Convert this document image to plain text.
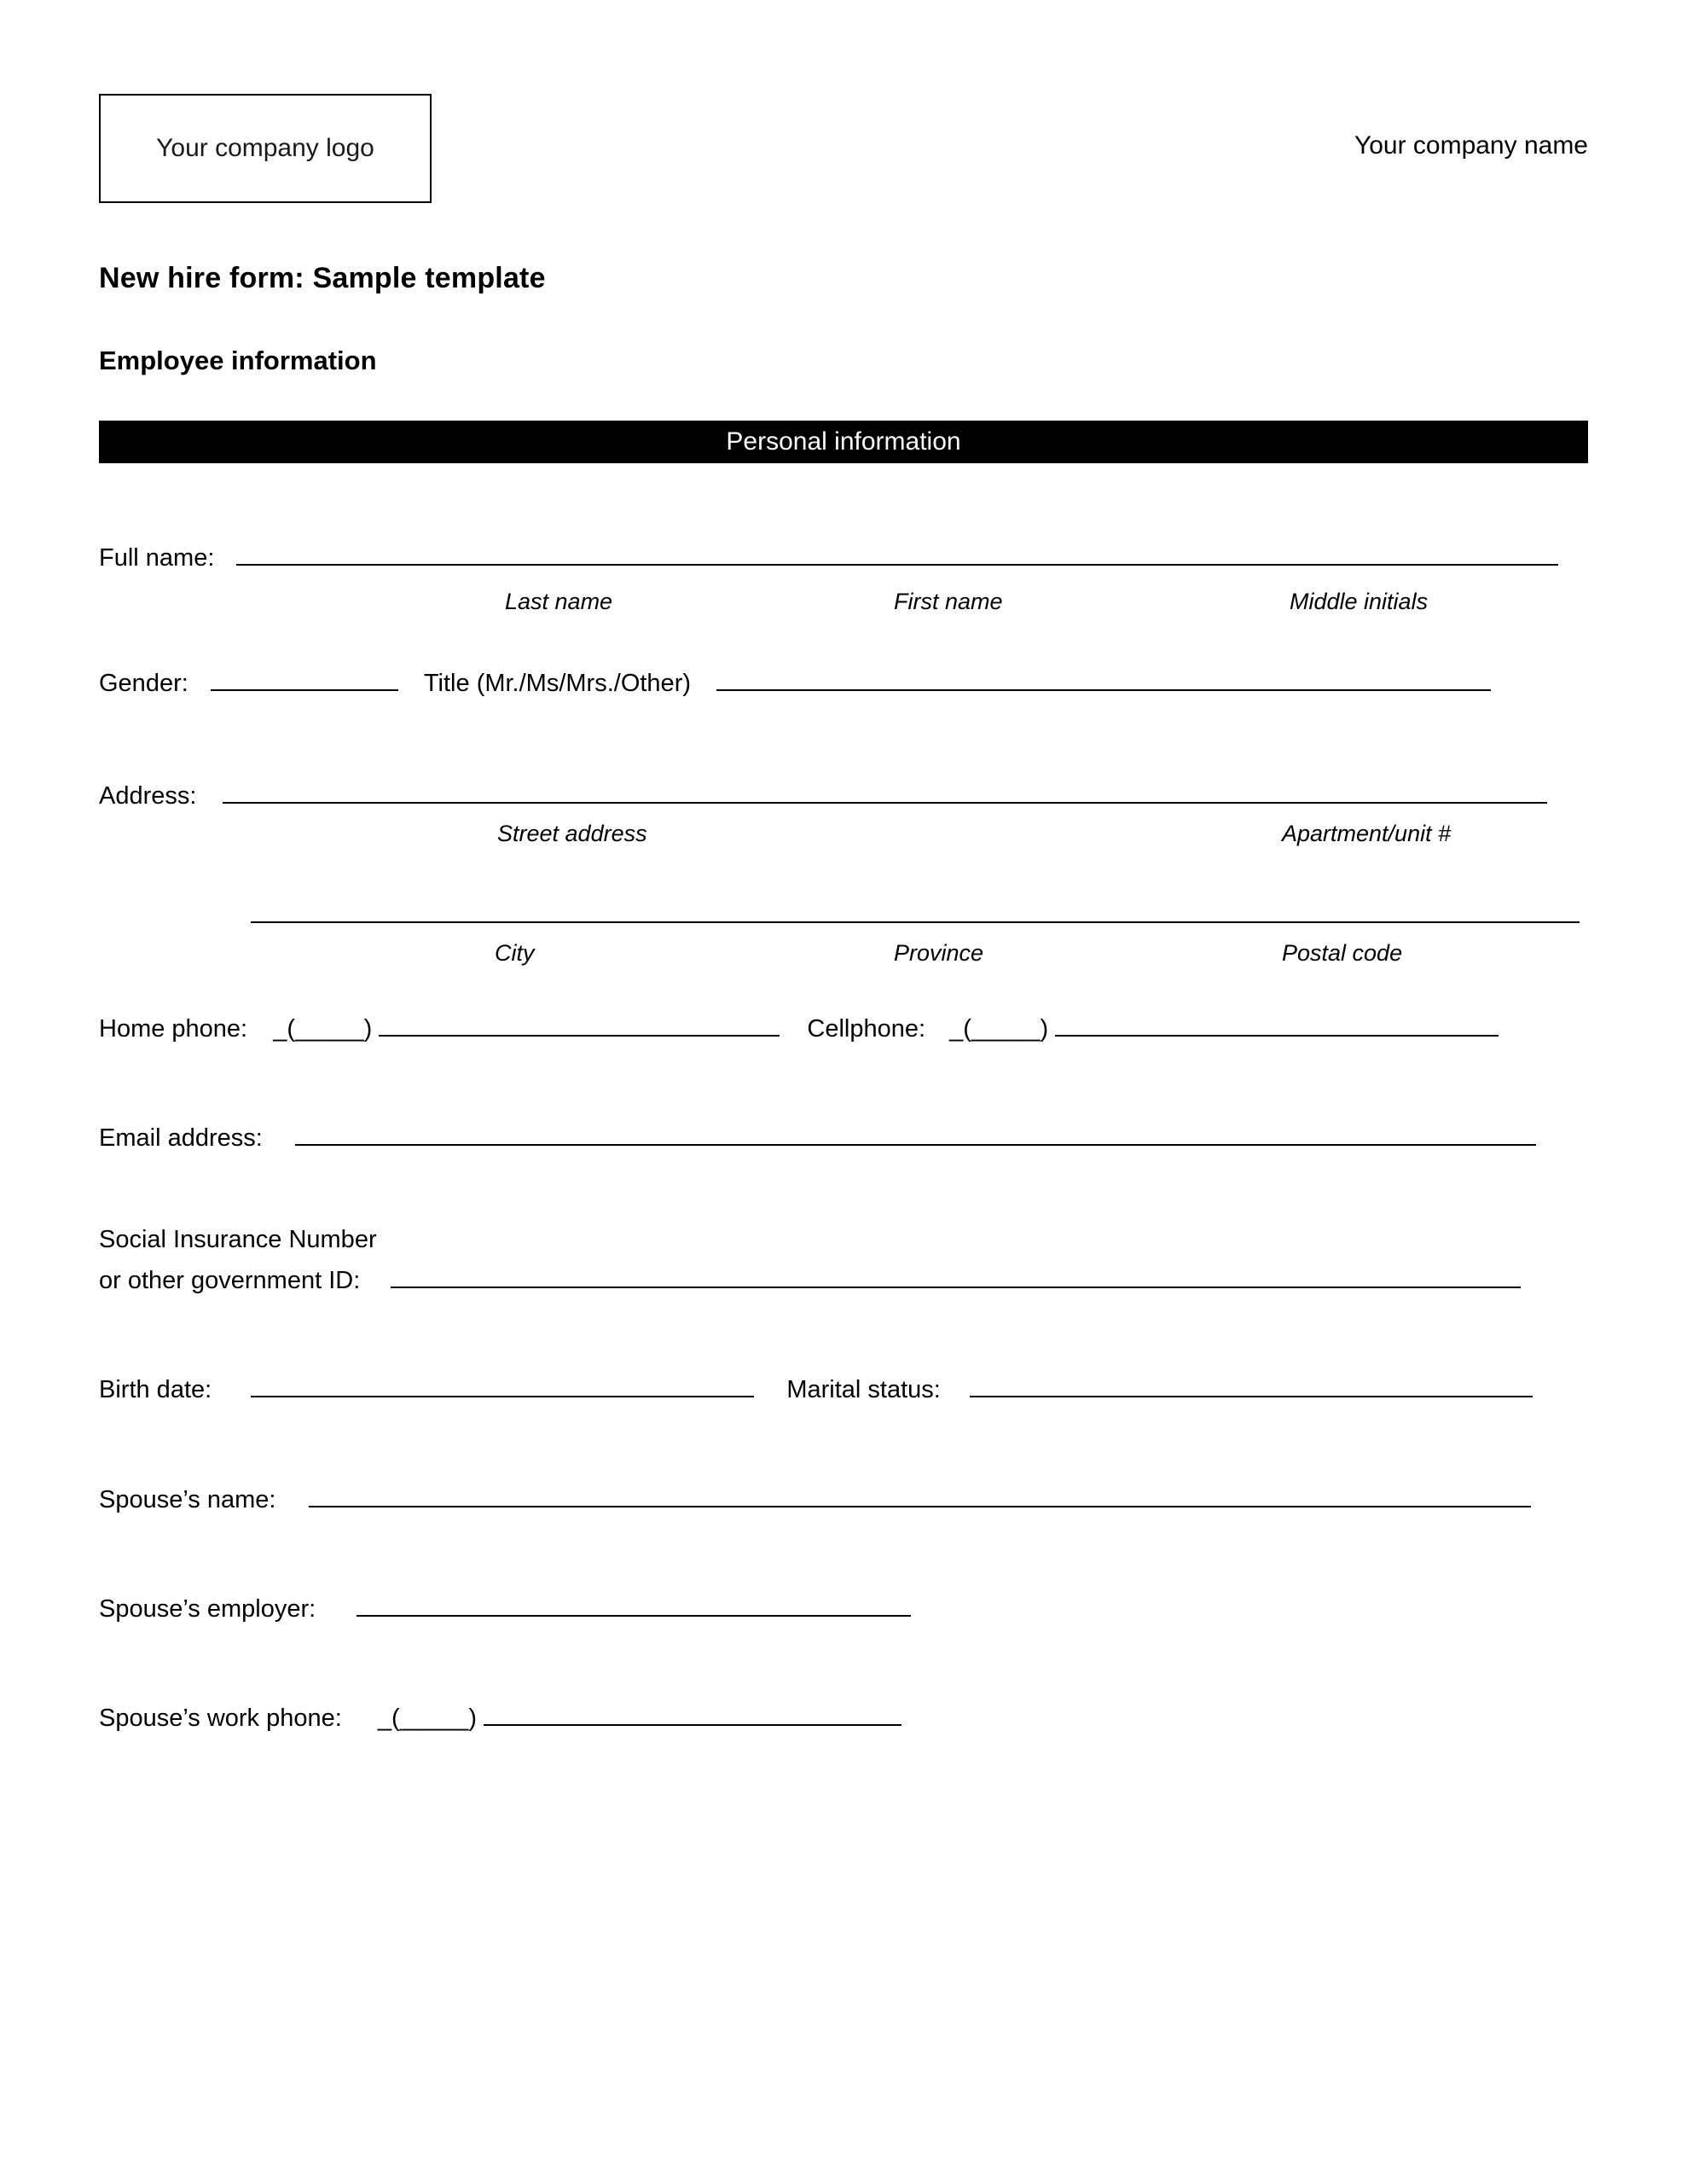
Your company logo	Your company name
New hire form: Sample template
Employee information
Personal information
Full name:
Last name	First name	Middle initials
Gender:	Title (Mr./Ms/Mrs./Other)
Address:
Street address	Apartment/unit #
City	Province	Postal code
Home phone: _(_____)	Cellphone: _(_____)
Email address:
Social Insurance Number
or other government ID:
Birth date:	Marital status:
Spouse’s name:
Spouse’s employer:
Spouse’s work phone: _(_____)
